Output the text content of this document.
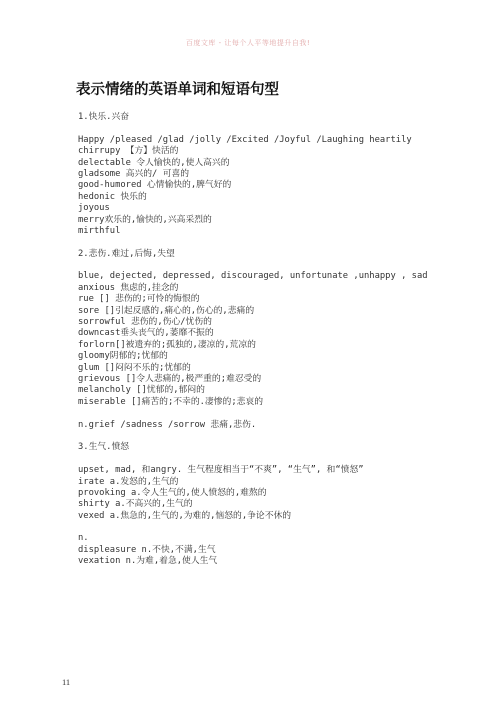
百度文库 - 让每个人平等地提升自我!
表示情绪的英语单词和短语句型
1.快乐.兴奋
Happy /pleased /glad /jolly /Excited /Joyful /Laughing heartily
chirrupy 【方】快活的
delectable 令人愉快的,使人高兴的
gladsome 高兴的/ 可喜的
good-humored 心情愉快的,脾气好的
hedonic 快乐的
joyous
merry欢乐的,愉快的,兴高采烈的
mirthful
2.悲伤.难过,后悔,失望
blue, dejected, depressed, discouraged, unfortunate ,unhappy , sad
anxious 焦虑的,挂念的
rue [] 悲伤的;可怜的悔恨的
sore []引起反感的,痛心的,伤心的,悲痛的
sorrowful 悲伤的,伤心/忧伤的
downcast垂头丧气的,萎靡不振的
forlorn[]被遗弃的;孤独的,凄凉的,荒凉的
gloomy阴郁的;忧郁的
glum []闷闷不乐的;忧郁的
grievous []令人悲痛的,极严重的;难忍受的
melancholy []忧郁的,郁闷的
miserable []痛苦的;不幸的.凄惨的;悲哀的
n.grief /sadness /sorrow 悲痛,悲伤.
3.生气.愤怒
upset, mad, 和angry. 生气程度相当于“不爽”, “生气”, 和“愤怒”
irate a.发怒的,生气的
provoking a.令人生气的,使人愤怒的,难熬的
shirty a.不高兴的,生气的
vexed a.焦急的,生气的,为难的,恼怒的,争论不休的
n.
displeasure n.不快,不满,生气
vexation n.为难,着急,使人生气
11
